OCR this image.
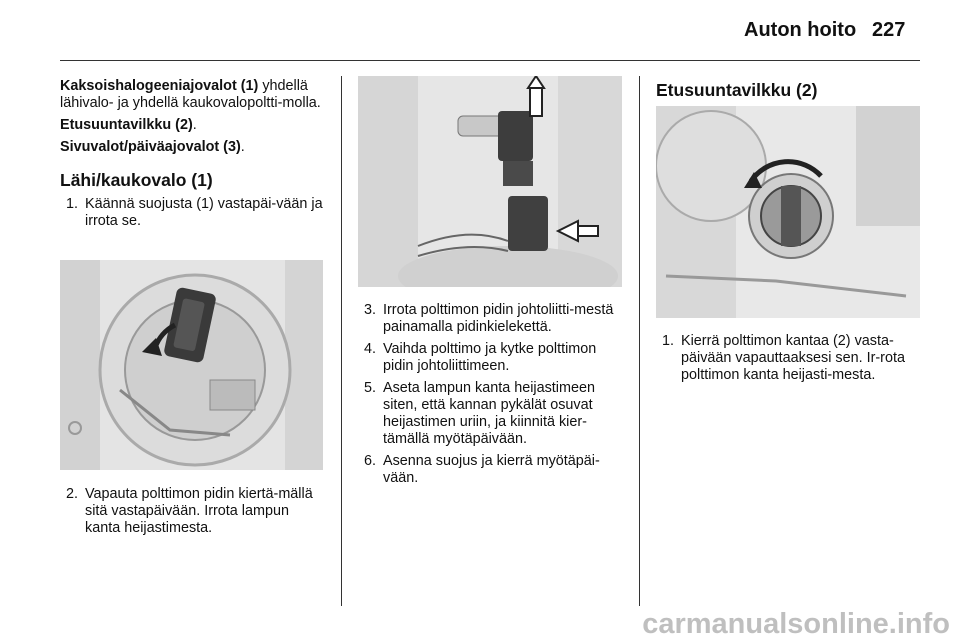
Auton hoito 227

Kaksoishalogeeniajovalot (1) yhdellä lähivalo- ja yhdellä kaukovalopoltti-molla.

Etusuuntavilkku (2).

Sivuvalot/päiväajovalot (3).

Lähi/kaukovalo (1)
1. Käännä suojusta (1) vastapäi-vään ja irrota se.
2. Vapauta polttimon pidin kiertä-mällä sitä vastapäivään. Irrota lampun kanta heijastimesta.
3. Irrota polttimon pidin johtoliitti-mestä painamalla pidinkielekettä.
4. Vaihda polttimo ja kytke polttimon pidin johtoliittimeen.
5. Aseta lampun kanta heijastimeen siten, että kannan pykälät osuvat heijastimen uriin, ja kiinnitä kier-tämällä myötäpäivään.
6. Asenna suojus ja kierrä myötäpäi-vään.
Etusuuntavilkku (2)
1. Kierrä polttimon kantaa (2) vasta-päivään vapauttaaksesi sen. Ir-rota polttimon kanta heijasti-mesta.
carmanualsonline.info
